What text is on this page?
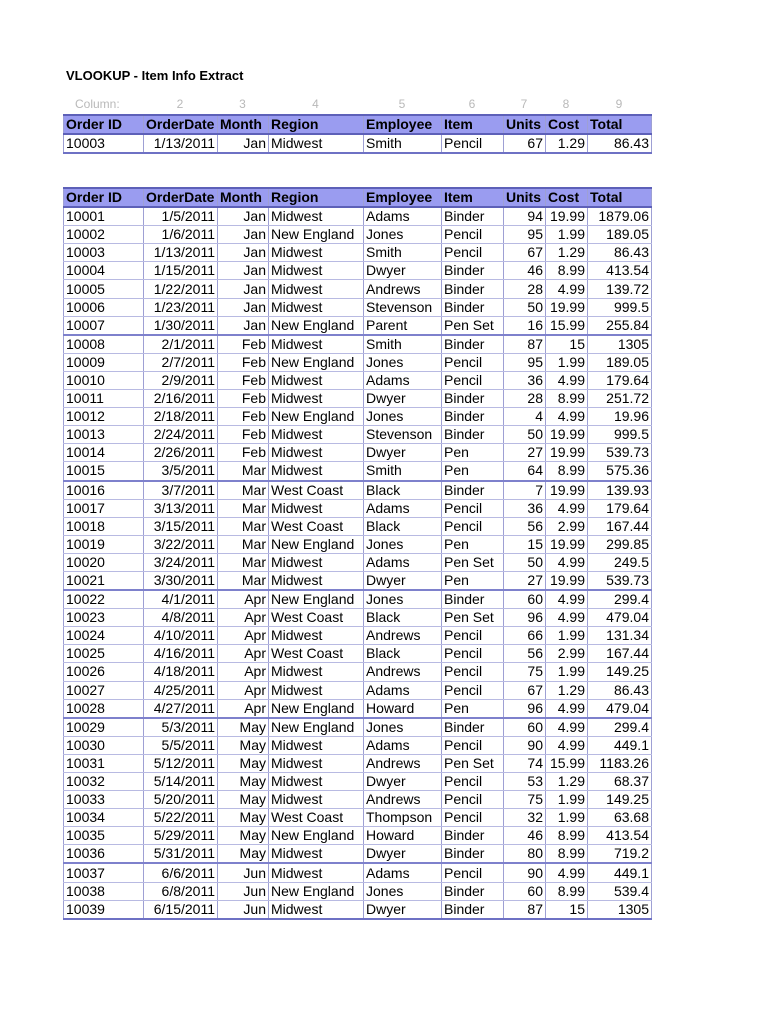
VLOOKUP - Item Info Extract
Column:	2	3	4	5	6	7	8	9
Order ID	OrderDate	Month	Region	Employee	Item	Units	Cost	Total
10003	1/13/2011	Jan	Midwest	Smith	Pencil	67	1.29	86.43
Order ID	OrderDate	Month	Region	Employee	Item	Units	Cost	Total
10001	1/5/2011	Jan	Midwest	Adams	Binder	94	19.99	1879.06
10002	1/6/2011	Jan	New England	Jones	Pencil	95	1.99	189.05
10003	1/13/2011	Jan	Midwest	Smith	Pencil	67	1.29	86.43
10004	1/15/2011	Jan	Midwest	Dwyer	Binder	46	8.99	413.54
10005	1/22/2011	Jan	Midwest	Andrews	Binder	28	4.99	139.72
10006	1/23/2011	Jan	Midwest	Stevenson	Binder	50	19.99	999.5
10007	1/30/2011	Jan	New England	Parent	Pen Set	16	15.99	255.84
10008	2/1/2011	Feb	Midwest	Smith	Binder	87	15	1305
10009	2/7/2011	Feb	New England	Jones	Pencil	95	1.99	189.05
10010	2/9/2011	Feb	Midwest	Adams	Pencil	36	4.99	179.64
10011	2/16/2011	Feb	Midwest	Dwyer	Binder	28	8.99	251.72
10012	2/18/2011	Feb	New England	Jones	Binder	4	4.99	19.96
10013	2/24/2011	Feb	Midwest	Stevenson	Binder	50	19.99	999.5
10014	2/26/2011	Feb	Midwest	Dwyer	Pen	27	19.99	539.73
10015	3/5/2011	Mar	Midwest	Smith	Pen	64	8.99	575.36
10016	3/7/2011	Mar	West Coast	Black	Binder	7	19.99	139.93
10017	3/13/2011	Mar	Midwest	Adams	Pencil	36	4.99	179.64
10018	3/15/2011	Mar	West Coast	Black	Pencil	56	2.99	167.44
10019	3/22/2011	Mar	New England	Jones	Pen	15	19.99	299.85
10020	3/24/2011	Mar	Midwest	Adams	Pen Set	50	4.99	249.5
10021	3/30/2011	Mar	Midwest	Dwyer	Pen	27	19.99	539.73
10022	4/1/2011	Apr	New England	Jones	Binder	60	4.99	299.4
10023	4/8/2011	Apr	West Coast	Black	Pen Set	96	4.99	479.04
10024	4/10/2011	Apr	Midwest	Andrews	Pencil	66	1.99	131.34
10025	4/16/2011	Apr	West Coast	Black	Pencil	56	2.99	167.44
10026	4/18/2011	Apr	Midwest	Andrews	Pencil	75	1.99	149.25
10027	4/25/2011	Apr	Midwest	Adams	Pencil	67	1.29	86.43
10028	4/27/2011	Apr	New England	Howard	Pen	96	4.99	479.04
10029	5/3/2011	May	New England	Jones	Binder	60	4.99	299.4
10030	5/5/2011	May	Midwest	Adams	Pencil	90	4.99	449.1
10031	5/12/2011	May	Midwest	Andrews	Pen Set	74	15.99	1183.26
10032	5/14/2011	May	Midwest	Dwyer	Pencil	53	1.29	68.37
10033	5/20/2011	May	Midwest	Andrews	Pencil	75	1.99	149.25
10034	5/22/2011	May	West Coast	Thompson	Pencil	32	1.99	63.68
10035	5/29/2011	May	New England	Howard	Binder	46	8.99	413.54
10036	5/31/2011	May	Midwest	Dwyer	Binder	80	8.99	719.2
10037	6/6/2011	Jun	Midwest	Adams	Pencil	90	4.99	449.1
10038	6/8/2011	Jun	New England	Jones	Binder	60	8.99	539.4
10039	6/15/2011	Jun	Midwest	Dwyer	Binder	87	15	1305
